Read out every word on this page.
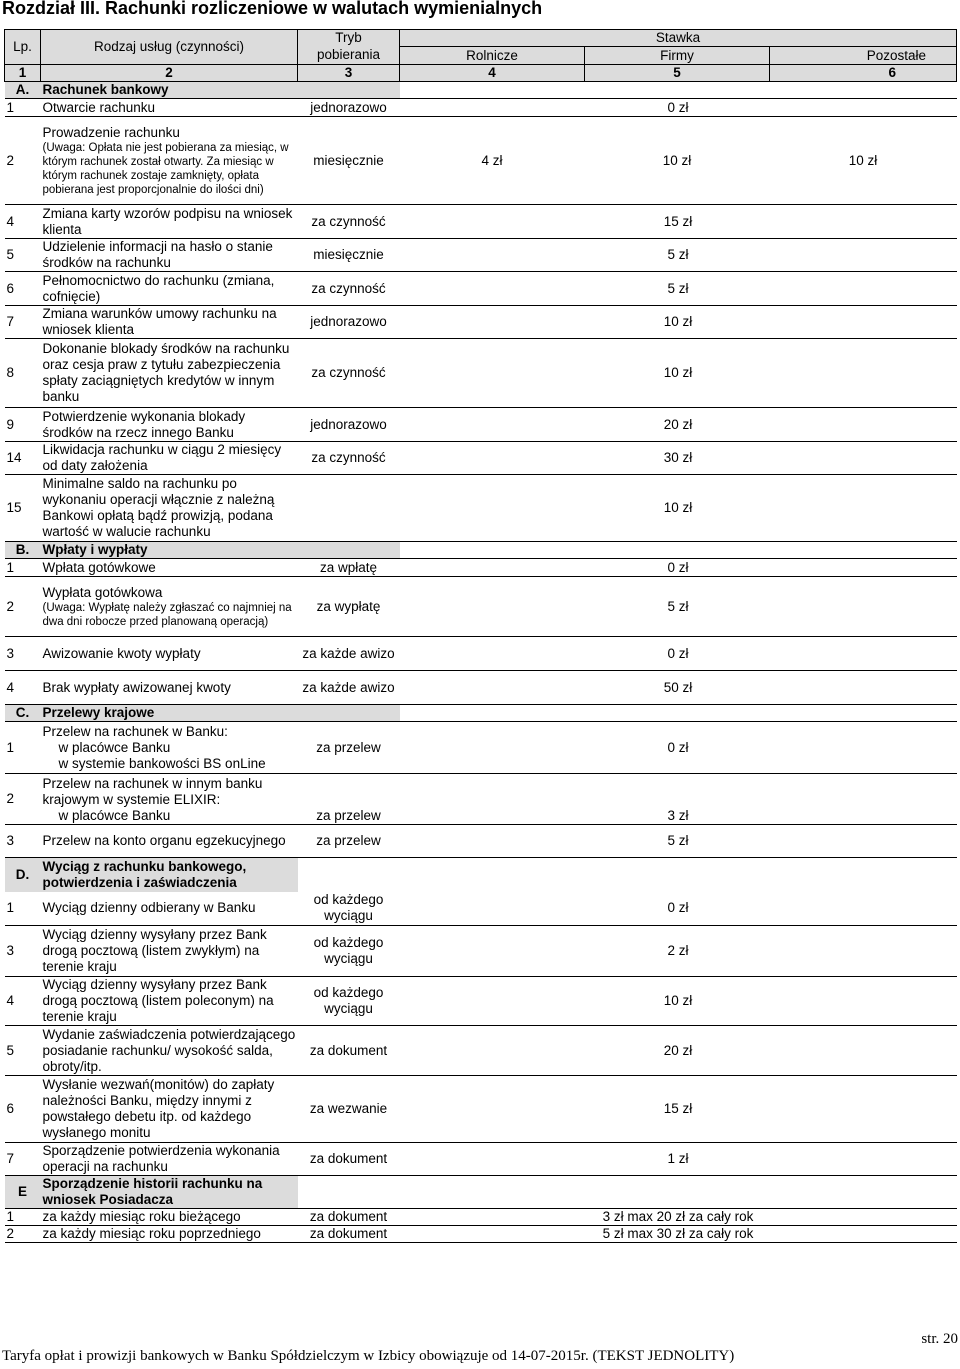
Rozdział III. Rachunki rozliczeniowe w walutach wymienialnych
Lp.	Rodzaj usług (czynności)	Tryb	Stawka		
		pobierania	Rolnicze	Firmy	Pozostałe
1	2	3	4	5	6
A.	Rachunek bankowy				
1	Otwarcie rachunku	jednorazowo	0 zł		
2	Prowadzenie rachunku
(Uwaga: Opłata nie jest pobierana za miesiąc, w którym rachunek został otwarty. Za miesiąc w którym rachunek zostaje zamknięty, opłata pobierana jest proporcjonalnie do ilości dni)	miesięcznie	4 zł	10 zł	10 zł
4	Zmiana karty wzorów podpisu na wniosek klienta	za czynność	15 zł		
5	Udzielenie informacji na hasło o stanie środków na rachunku	miesięcznie	5 zł		
6	Pełnomocnictwo do rachunku (zmiana, cofnięcie)	za czynność	5 zł		
7	Zmiana warunków umowy rachunku na wniosek klienta	jednorazowo	10 zł		
8	Dokonanie blokady środków na rachunku oraz cesja praw z tytułu zabezpieczenia spłaty zaciągniętych kredytów w innym banku	za czynność	10 zł		
9	Potwierdzenie wykonania blokady środków na rzecz innego Banku	jednorazowo	20 zł		
14	Likwidacja rachunku w ciągu 2 miesięcy od daty założenia	za czynność	30 zł		
15	Minimalne saldo na rachunku po wykonaniu operacji włącznie z należną Bankowi opłatą bądź prowizją, podana wartość w walucie rachunku		10 zł		
B.	Wpłaty i wypłaty				
1	Wpłata gotówkowe	za wpłatę	0 zł		
2	Wypłata gotówkowa
(Uwaga: Wypłatę należy zgłaszać co najmniej na dwa dni robocze przed planowaną operacją)	za wypłatę	5 zł		
3	Awizowanie kwoty wypłaty	za każde awizo	0 zł		
4	Brak wypłaty awizowanej kwoty	za każde awizo	50 zł		
C.	Przelewy krajowe				
1	Przelew na rachunek w Banku:
w placówce Banku
w systemie bankowości BS onLine	za przelew	0 zł		
2	Przelew na rachunek w innym banku krajowym w systemie ELIXIR:
w placówce Banku	za przelew	3 zł		
3	Przelew na konto organu egzekucyjnego	za przelew	5 zł		
D.	Wyciąg z rachunku bankowego, potwierdzenia i zaświadczenia				
1	Wyciąg dzienny odbierany w Banku	od każdego wyciągu	0 zł		
3	Wyciąg dzienny wysyłany przez Bank drogą pocztową (listem zwykłym) na terenie kraju	od każdego wyciągu	2 zł		
4	Wyciąg dzienny wysyłany przez Bank drogą pocztową (listem poleconym) na terenie kraju	od każdego wyciągu	10 zł		
5	Wydanie zaświadczenia potwierdzającego posiadanie rachunku/ wysokość salda, obroty/itp.	za dokument	20 zł		
6	Wysłanie wezwań(monitów) do zapłaty należności Banku, między innymi z powstałego debetu itp. od każdego wysłanego monitu	za wezwanie	15 zł		
7	Sporządzenie potwierdzenia wykonania operacji na rachunku	za dokument	1 zł		
E	Sporządzenie historii rachunku na wniosek Posiadacza				
1	za każdy miesiąc roku bieżącego	za dokument	3 zł max 20 zł za cały rok		
2	za każdy miesiąc roku poprzedniego	za dokument	5 zł max 30 zł za cały rok		
str. 20
Taryfa opłat i prowizji bankowych w Banku Spółdzielczym w Izbicy obowiązuje od 14-07-2015r. (TEKST JEDNOLITY)
